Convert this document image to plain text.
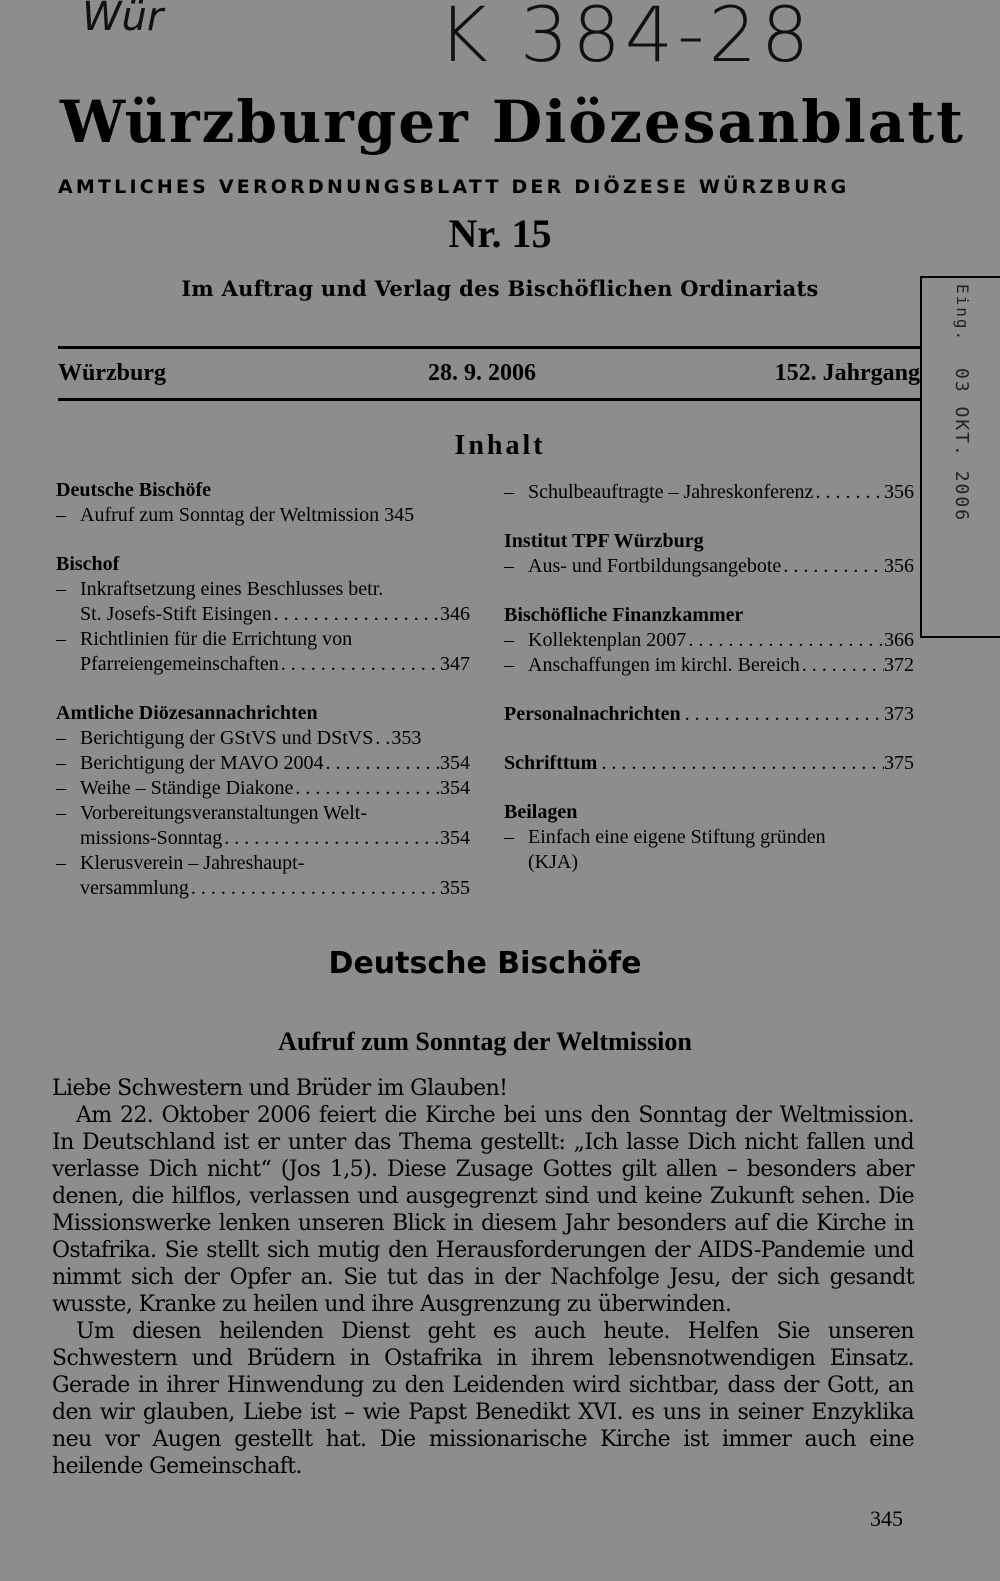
Wür	K 384-28
Würzburger Diözesanblatt
AMTLICHES VERORDNUNGSBLATT DER DIÖZESE WÜRZBURG
Nr. 15
Im Auftrag und Verlag des Bischöflichen Ordinariats
Würzburg	28. 9. 2006	152. Jahrgang
Eing.
03 OKT. 2006
Inhalt
Deutsche Bischöfe
– Aufruf zum Sonntag der Weltmission 345
Bischof
– Inkraftsetzung eines Beschlusses betr.
St. Josefs-Stift Eisingen . . .	346
– Richtlinien für die Errichtung von
Pfarreiengemeinschaften . . .	347
Amtliche Diözesannachrichten
– Berichtigung der GStVS und DStVS . . . 353
– Berichtigung der MAVO 2004 . . .	354
– Weihe – Ständige Diakone . . .	354
– Vorbereitungsveranstaltungen Welt-
missions-Sonntag . . .	354
– Klerusverein – Jahreshaupt-
versammlung . . .	355
– Schulbeauftragte – Jahreskonferenz . . .	356
Institut TPF Würzburg
– Aus- und Fortbildungsangebote . . .	356
Bischöfliche Finanzkammer
– Kollektenplan 2007 . . .	366
– Anschaffungen im kirchl. Bereich . . .	372
Personalnachrichten . . .	373
Schrifttum . . .	375
Beilagen
– Einfach eine eigene Stiftung gründen
(KJA)
Deutsche Bischöfe
Aufruf zum Sonntag der Weltmission

Liebe Schwestern und Brüder im Glauben!

Am 22. Oktober 2006 feiert die Kirche bei uns den Sonntag der Weltmission. In Deutschland ist er unter das Thema gestellt: „Ich lasse Dich nicht fallen und verlasse Dich nicht“ (Jos 1,5). Diese Zusage Gottes gilt allen – besonders aber denen, die hilflos, verlassen und ausgegrenzt sind und keine Zukunft sehen. Die Missionswerke lenken unseren Blick in diesem Jahr besonders auf die Kirche in Ostafrika. Sie stellt sich mutig den Herausforderungen der AIDS-Pandemie und nimmt sich der Opfer an. Sie tut das in der Nachfolge Jesu, der sich gesandt wusste, Kranke zu heilen und ihre Ausgrenzung zu überwinden.

Um diesen heilenden Dienst geht es auch heute. Helfen Sie unseren Schwestern und Brüdern in Ostafrika in ihrem lebensnotwendigen Einsatz. Gerade in ihrer Hinwendung zu den Leidenden wird sichtbar, dass der Gott, an den wir glauben, Liebe ist – wie Papst Benedikt XVI. es uns in seiner Enzyklika neu vor Augen gestellt hat. Die missionarische Kirche ist immer auch eine heilende Gemeinschaft.

345
